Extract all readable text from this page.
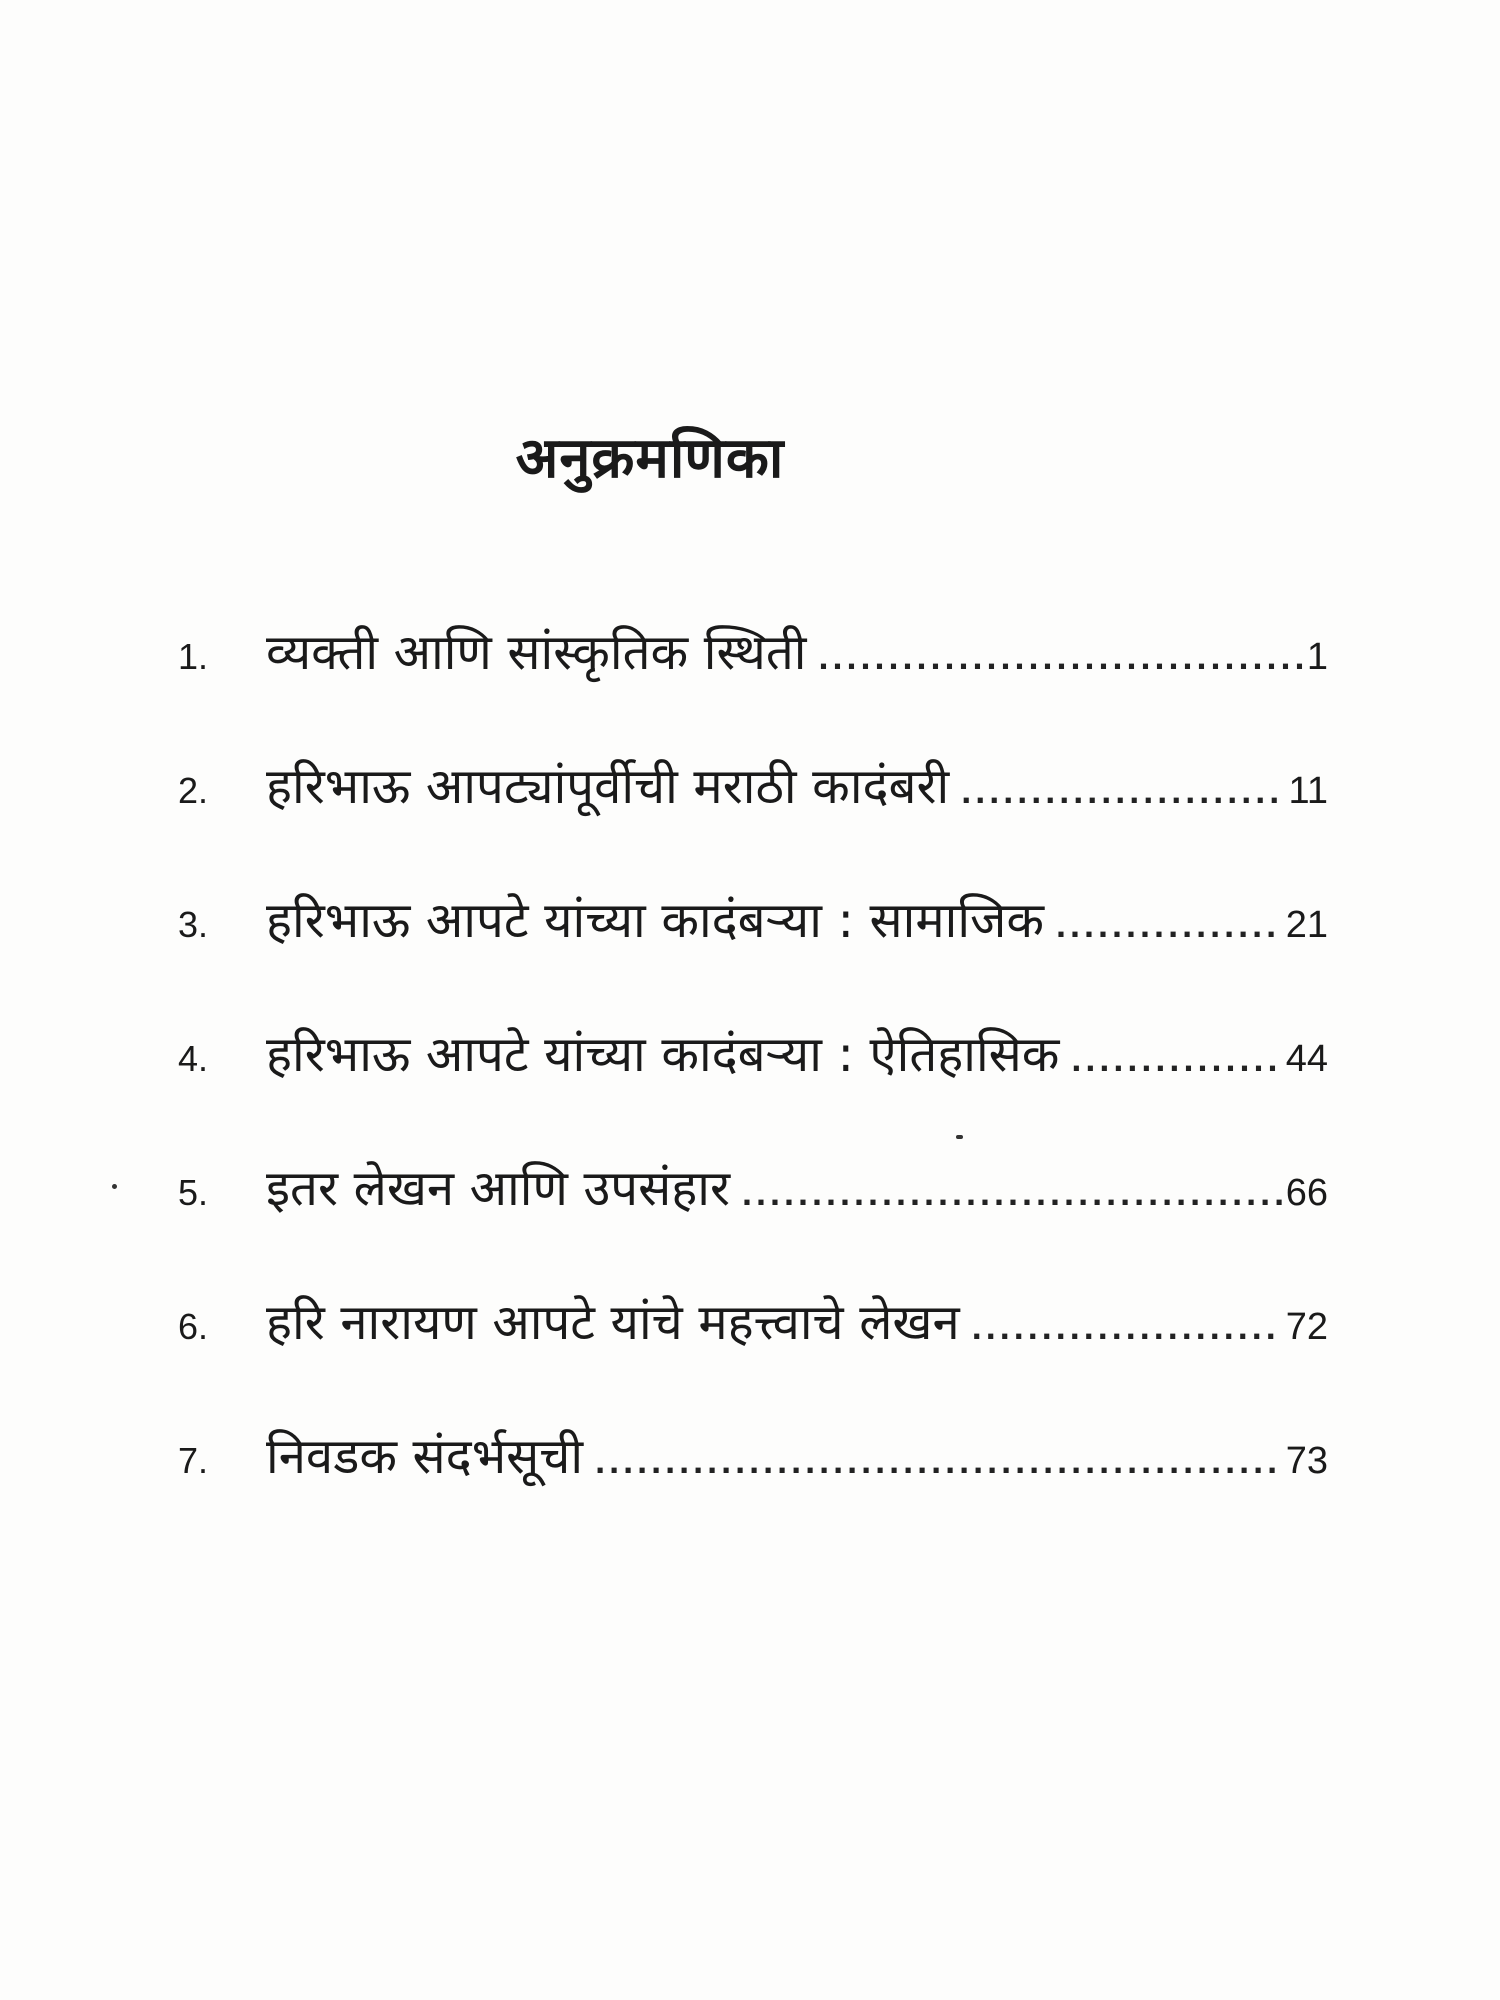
अनुक्रमणिका
1.	व्यक्ती आणि सांस्कृतिक स्थिती .....	1
2.	हरिभाऊ आपट्यांपूर्वीची मराठी कादंबरी .....	11
3.	हरिभाऊ आपटे यांच्या कादंबऱ्या : सामाजिक .....	21
4.	हरिभाऊ आपटे यांच्या कादंबऱ्या : ऐतिहासिक .....	44
5.	इतर लेखन आणि उपसंहार .....	66
6.	हरि नारायण आपटे यांचे महत्त्वाचे लेखन .....	72
7.	निवडक संदर्भसूची .....	73
